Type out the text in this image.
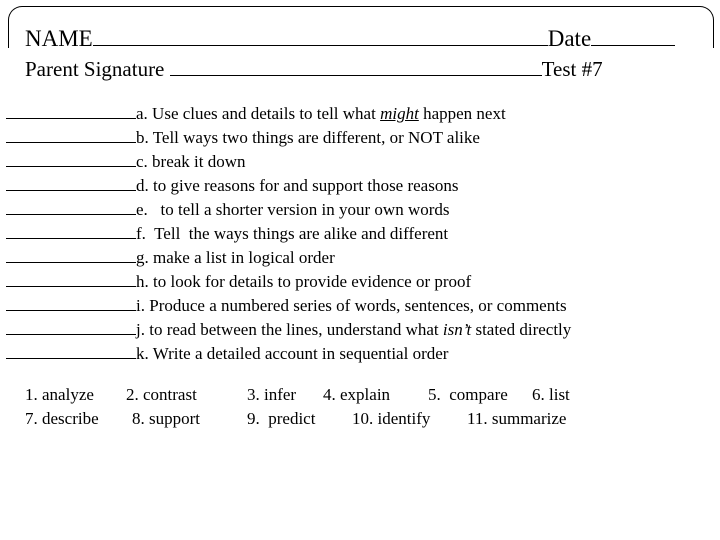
NAME	Date
Parent Signature	Test #7
a. Use clues and details to tell what might happen next
b. Tell ways two things are different, or NOT alike
c. break it down
d. to give reasons for and support those reasons
e.   to tell a shorter version in your own words
f.  Tell  the ways things are alike and different
g. make a list in logical order
h. to look for details to provide evidence or proof
i. Produce a numbered series of words, sentences, or comments
j. to read between the lines, understand what isn’t stated directly
k. Write a detailed account in sequential order
1. analyze 2. contrast	3. infer 4. explain 5.  compare 6. list
7. describe 8. support	9.  predict 10. identify 11. summarize
